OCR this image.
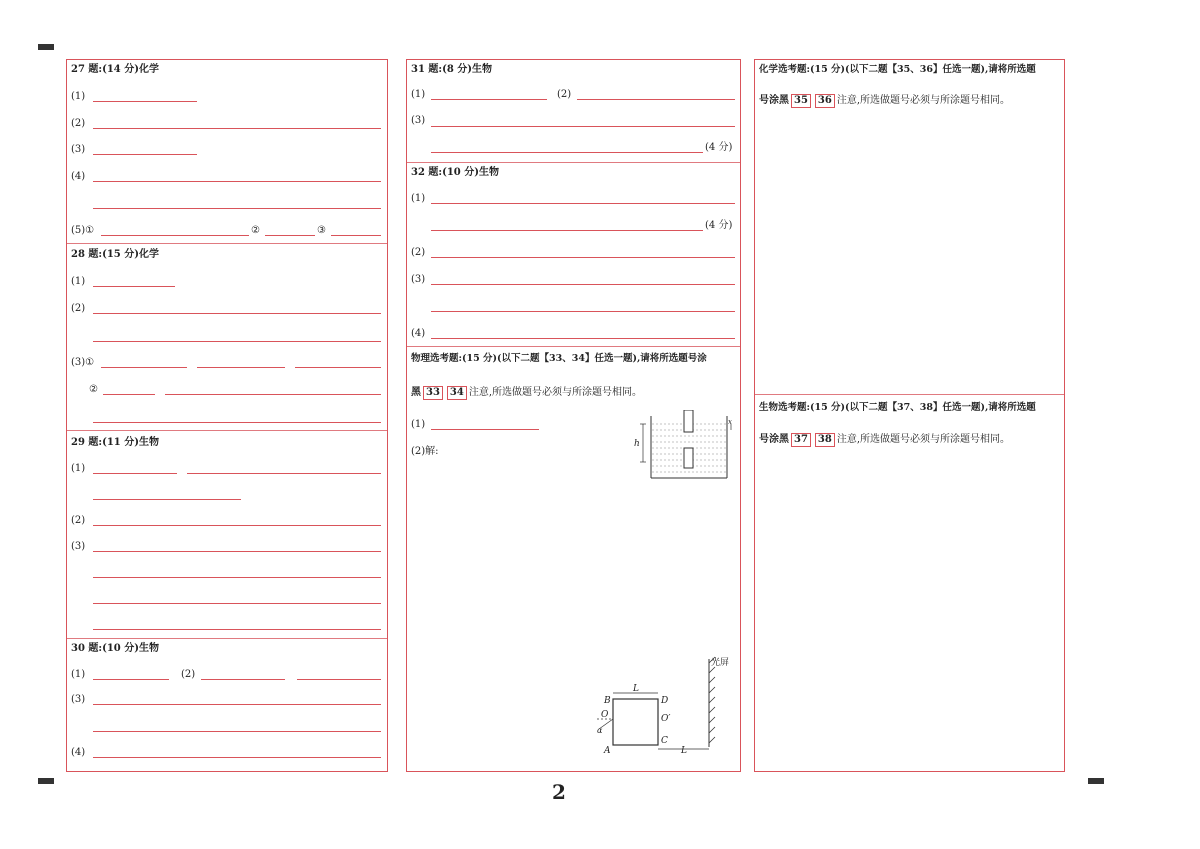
27 题:(14 分)化学
(1)
(2)
(3)
(4)
(5)①	②	③
28 题:(15 分)化学
(1)
(2)
(3)①
②
29 题:(11 分)生物
(1)
(2)
(3)
30 题:(10 分)生物
(1)	(2)
(3)
(4)
31 题:(8 分)生物
(1)	(2)
(3)
(4 分)
32 题:(10 分)生物
(1)
(4 分)
(2)
(3)
(4)
物理选考题:(15 分)(以下二题【33、34】任选一题),请将所选题号涂
黑 33 34 注意,所选做题号必须与所涂题号相同。
(1)
(2)解:
h
x
光屏
B	D
O	O′
α
C
A
L
L
化学选考题:(15 分)(以下二题【35、36】任选一题),请将所选题
号涂黑 35 36 注意,所选做题号必须与所涂题号相同。
生物选考题:(15 分)(以下二题【37、38】任选一题),请将所选题
号涂黑 37 38 注意,所选做题号必须与所涂题号相同。
2
